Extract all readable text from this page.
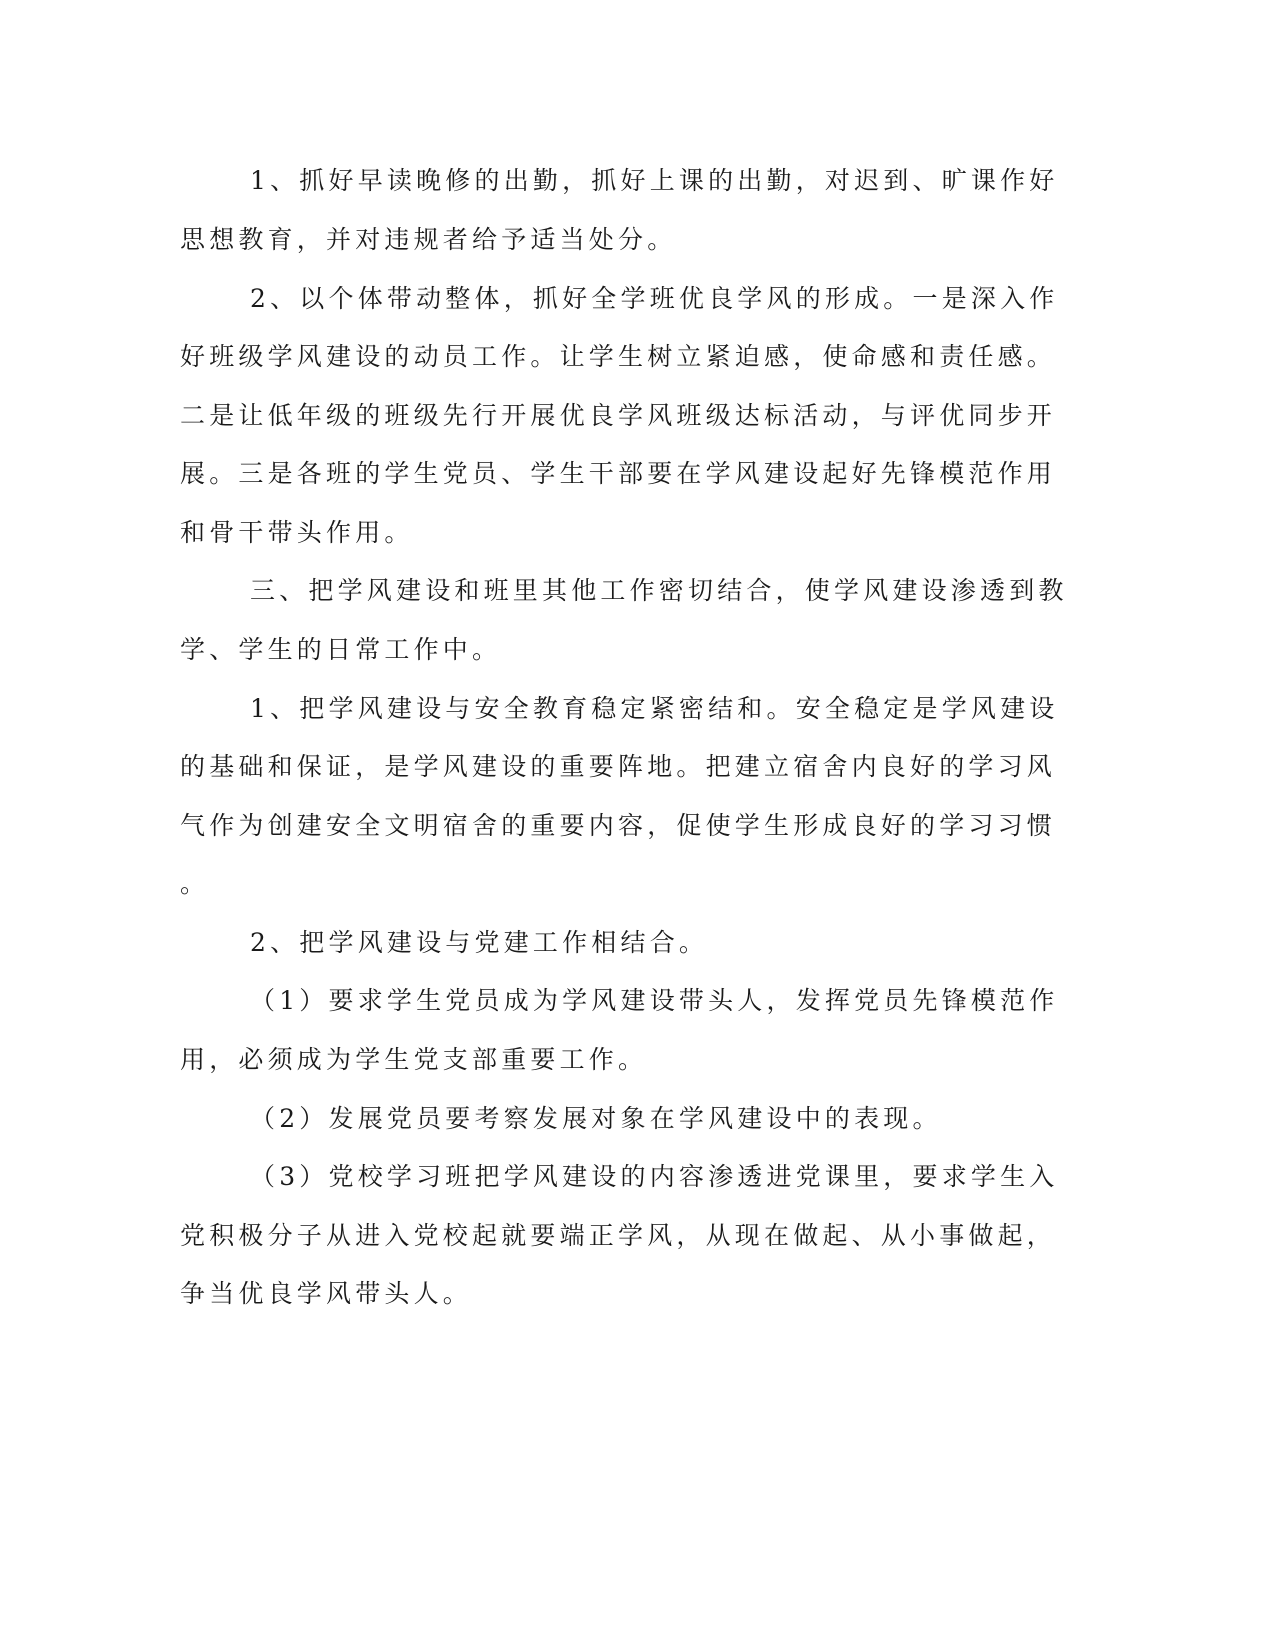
1、抓好早读晚修的出勤，抓好上课的出勤，对迟到、旷课作好
思想教育，并对违规者给予适当处分。
2、以个体带动整体，抓好全学班优良学风的形成。一是深入作
好班级学风建设的动员工作。让学生树立紧迫感，使命感和责任感。
二是让低年级的班级先行开展优良学风班级达标活动，与评优同步开
展。三是各班的学生党员、学生干部要在学风建设起好先锋模范作用
和骨干带头作用。
三、把学风建设和班里其他工作密切结合，使学风建设渗透到教
学、学生的日常工作中。
1、把学风建设与安全教育稳定紧密结和。安全稳定是学风建设
的基础和保证，是学风建设的重要阵地。把建立宿舍内良好的学习风
气作为创建安全文明宿舍的重要内容，促使学生形成良好的学习习惯
。
2、把学风建设与党建工作相结合。
（1）要求学生党员成为学风建设带头人，发挥党员先锋模范作
用，必须成为学生党支部重要工作。
（2）发展党员要考察发展对象在学风建设中的表现。
（3）党校学习班把学风建设的内容渗透进党课里，要求学生入
党积极分子从进入党校起就要端正学风，从现在做起、从小事做起，
争当优良学风带头人。
